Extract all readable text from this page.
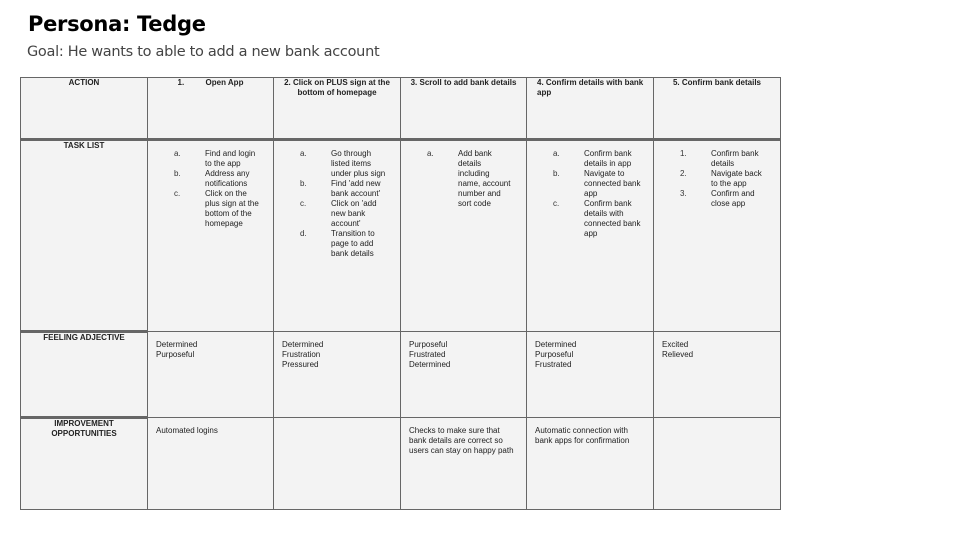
Persona: Tedge
Goal: He wants to able to add a new bank account
ACTION	1. Open App	2. Click on PLUS sign at the bottom of homepage	3. Scroll to add bank details	4. Confirm details with bank app	5. Confirm bank details
TASK LIST	
a.	Find and login to the app
b.	Address any notifications
c.	Click on the plus sign at the bottom of the homepage

a.	Go through listed items under plus sign
b.	Find 'add new bank account'
c.	Click on 'add new bank account'
d.	Transition to page to add bank details

a.	Add bank details including name, account number and sort code

a.	Confirm bank details in app
b.	Navigate to connected bank app
c.	Confirm bank details with connected bank app

1.	Confirm bank details
2.	Navigate back to the app
3.	Confirm and close app

FEELING ADJECTIVE	
Determined
Purposeful

Determined
Frustration
Pressured

Purposeful
Frustrated
Determined

Determined
Purposeful
Frustrated

Excited
Relieved

IMPROVEMENT OPPORTUNITIES	Automated logins		Checks to make sure that bank details are correct so users can stay on happy path	Automatic connection with bank apps for confirmation	
